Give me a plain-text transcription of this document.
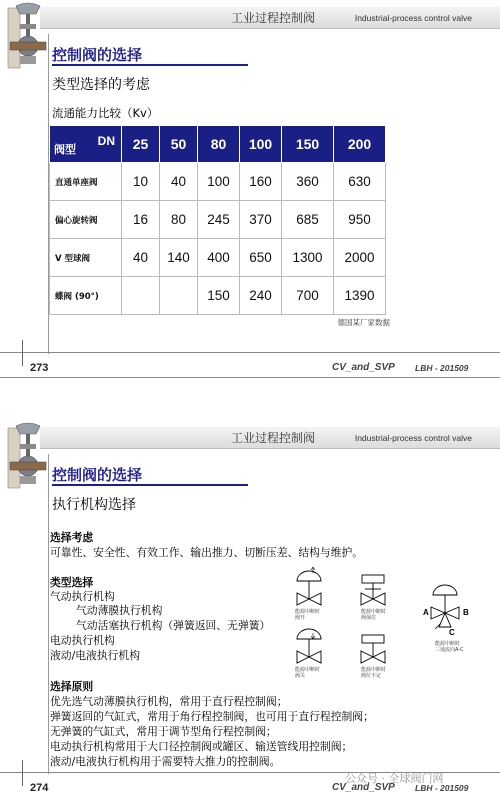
工业过程控制阀	Industrial-process control valve
控制阀的选择
类型选择的考虑
流通能力比较（Kv）
DN
阀型	25	50	80	100	150	200
直通单座阀	10	40	100	160	360	630
偏心旋转阀	16	80	245	370	685	950
V 型球阀	40	140	400	650	1300	2000
蝶阀 (90°)			150	240	700	1390
德国某厂家数据
273	CV_and_SVP LBH - 201509
工业过程控制阀	Industrial-process control valve
控制阀的选择
执行机构选择
选择考虑
可靠性、安全性、有效工作、输出推力、切断压差、结构与维护。
类型选择
气动执行机构
气动薄膜执行机构
气动活塞执行机构（弹簧返回、无弹簧）
电动执行机构
液动/电液执行机构
选择原则
优先选气动薄膜执行机构，常用于直行程控制阀；
弹簧返回的气缸式，常用于角行程控制阀，也可用于直行程控制阀；
无弹簧的气缸式，常用于调节型角行程控制阀；
电动执行机构常用于大口径控制阀或罐区、输送管线用控制阀；
液动/电液执行机构用于需要特大推力的控制阀。
274	CV_and_SVP LBH - 201509
能源中断时
阀开
能源中断时
阀保位
A	B
C
能源中断时
三通流向A-C
能源中断时
阀关
能源中断时
阀位不定
公众号 · 全球阀门网
